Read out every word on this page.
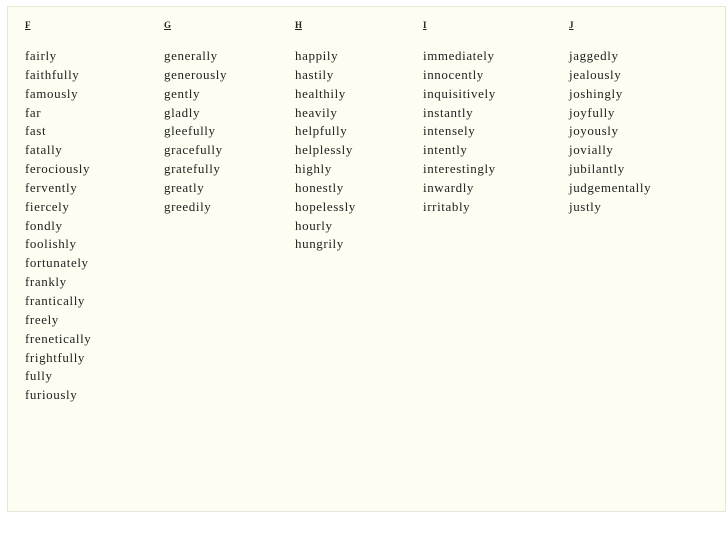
F
fairly
faithfully
famously
far
fast
fatally
ferociously
fervently
fiercely
fondly
foolishly
fortunately
frankly
frantically
freely
frenetically
frightfully
fully
furiously
G
generally
generously
gently
gladly
gleefully
gracefully
gratefully
greatly
greedily
H
happily
hastily
healthily
heavily
helpfully
helplessly
highly
honestly
hopelessly
hourly
hungrily
I
immediately
innocently
inquisitively
instantly
intensely
intently
interestingly
inwardly
irritably
J
jaggedly
jealously
joshingly
joyfully
joyously
jovially
jubilantly
judgementally
justly
